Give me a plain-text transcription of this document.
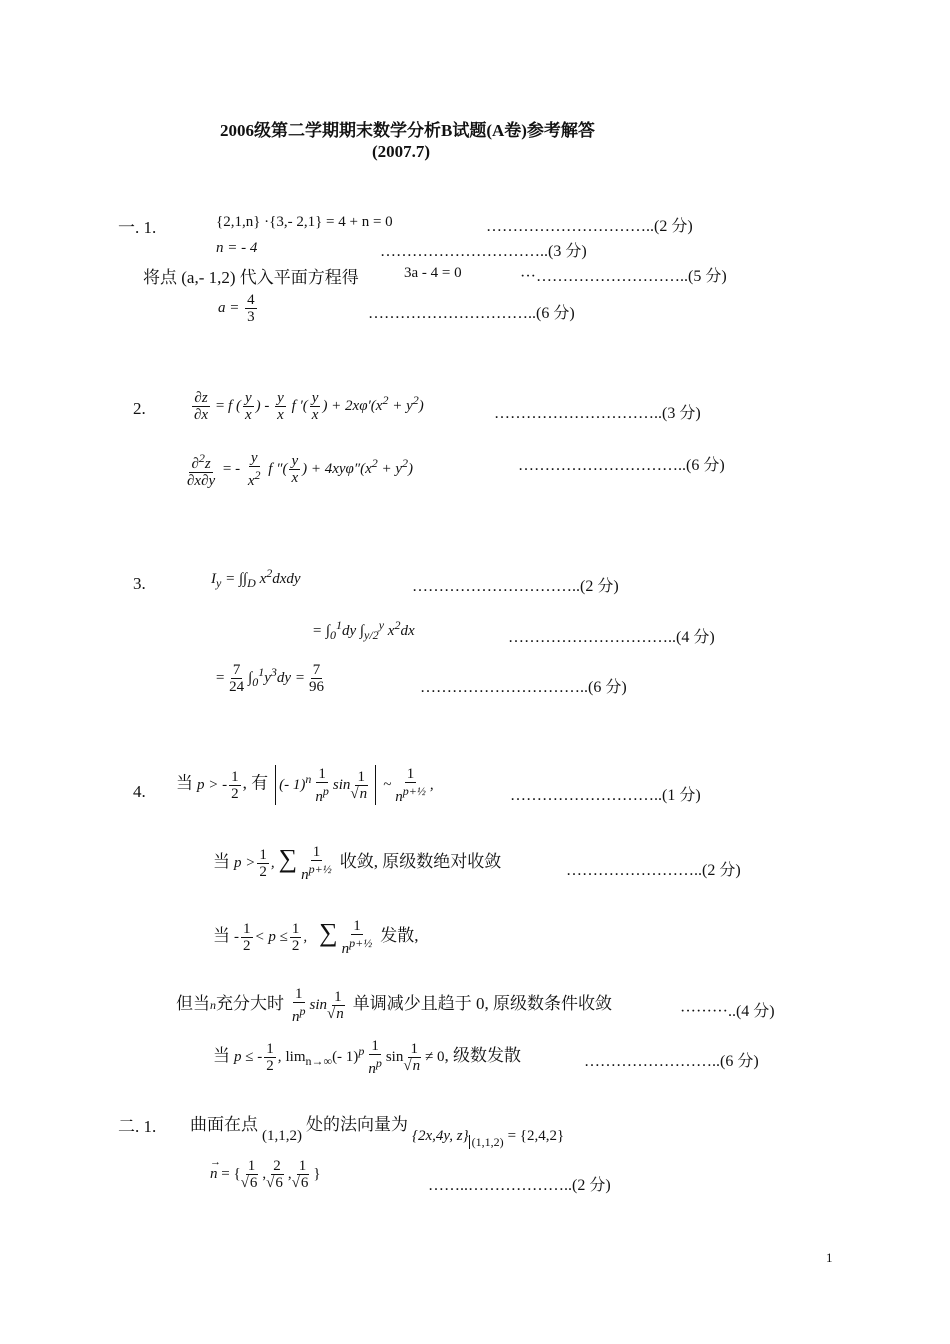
2006级第二学期期末数学分析B试题(A卷)参考解答
(2007.7)
一. 1.	{2,1,n} ·{3,- 2,1} = 4 + n = 0	…………………………..(2 分)
n = - 4	…………………………..(3 分)
将点 (a,- 1,2) 代入平面方程得	3a - 4 = 0	···………………………..(5 分)
$a = \frac{4}{3}$	…………………………..(6 分)
2.	$\frac{\partial z}{\partial x} = f$ ( $\frac{y}{x}$ ) - $\frac{y}{x}$ f ′( $\frac{y}{x}$ ) + $2x\varphi'(x^2 + y^2)$	…………………………..(3 分)
$\frac{\partial^2z}{\partial x\partial y}$ = - $\frac{y}{x^2}$ f ″( $\frac{y}{x}$ ) + $4xy\varphi''(x^2 + y^2)$	…………………………..(6 分)
3.	$I_y = \int\int_D$ $x^2dxdy$	…………………………..(2 分)
= $\int_0^1dy$ $\int_{y/2}^y$ $x^2dx$	…………………………..(4 分)
= $\frac{7}{24} \int_0^1y^3dy = \frac{7}{96}$	…………………………..(6 分)
4. 当 p > - $\frac{1}{2}$ , 有 (- $1)^n \frac{1}{n^p}$ sin 1
√ n ~ $\frac{1}{n^{p+\frac{1}{2}}}$ ,
………………………..(1 分)
当 $p > \frac{1}{2}$ , ∑ $\frac{1}{n^{p+\frac{1}{2}}}$ 收敛, 原级数绝对收敛	……………………..(2 分)
当 - $\frac{1}{2} < p \le \frac{1}{2}$ , ∑ $\frac{1}{n^{p+\frac{1}{2}}}$ 发散,
但当n充分大时 $\frac{1}{n^p}$ sin 1
√ n 单调减少且趋于 0, 原级数条件收敛	·········..(4 分)
当 p ≤ - $\frac{1}{2}$ , $\lim_{n\to\infty}(-$ $1)^p \frac{1}{n^p}$ sin 1
√ n ≠ 0, 级数发散	……………………..(6 分)
二. 1. 曲面在点 (1,1,2) 处的法向量为 {2x,4y, z} $_{(1,1,2)}$ = {2,4,2}
n
→
= { 1
√ 6 , 2
√ 6 , 1
√ 6 }
……..………………..(2 分)
1
